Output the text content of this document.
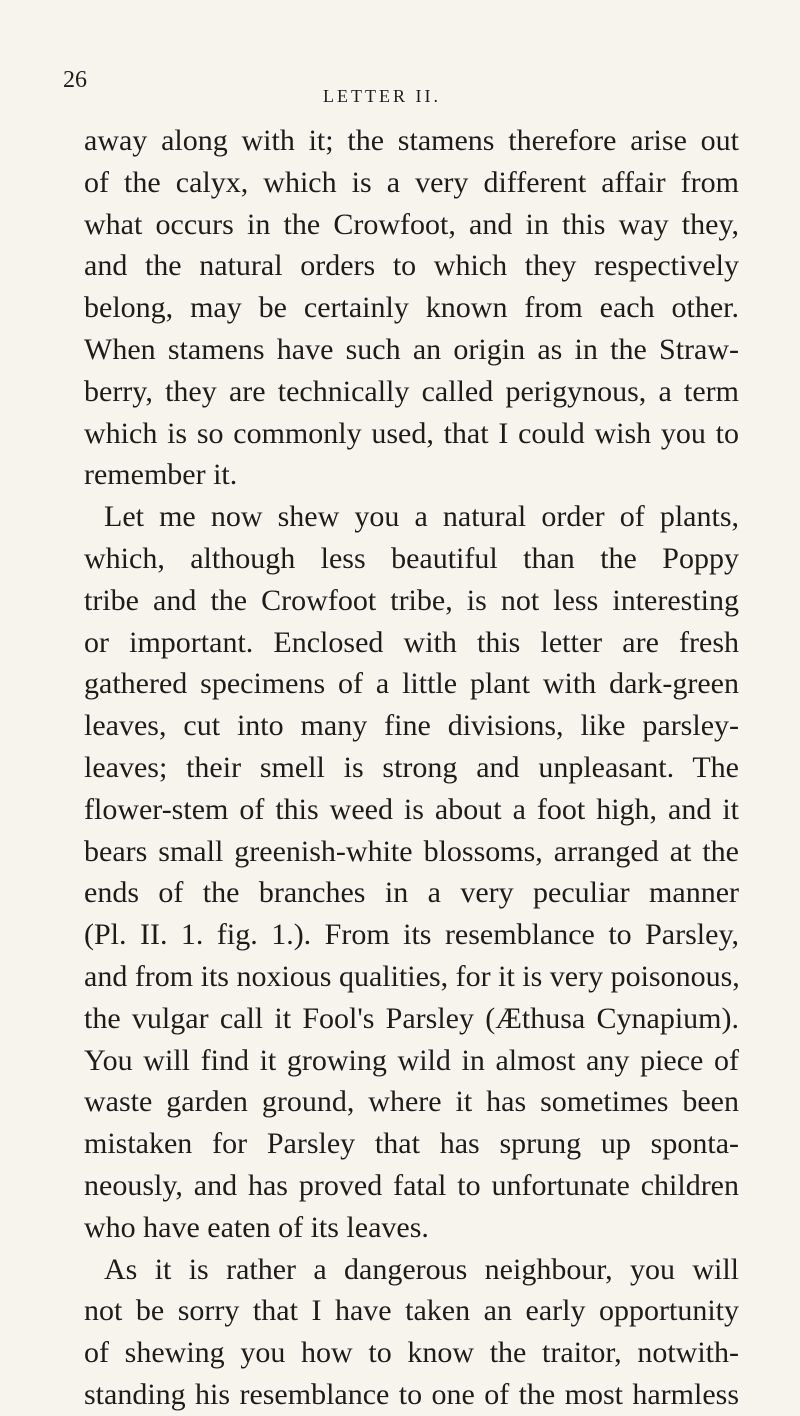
26
LETTER II.
away along with it; the stamens therefore arise out
of the calyx, which is a very different affair from
what occurs in the Crowfoot, and in this way they,
and the natural orders to which they respectively
belong, may be certainly known from each other.
When stamens have such an origin as in the Straw-
berry, they are technically called perigynous, a term
which is so commonly used, that I could wish you to
remember it.
Let me now shew you a natural order of plants,
which, although less beautiful than the Poppy
tribe and the Crowfoot tribe, is not less interesting
or important. Enclosed with this letter are fresh
gathered specimens of a little plant with dark-green
leaves, cut into many fine divisions, like parsley-
leaves; their smell is strong and unpleasant. The
flower-stem of this weed is about a foot high, and it
bears small greenish-white blossoms, arranged at the
ends of the branches in a very peculiar manner
(Pl. II. 1. fig. 1.). From its resemblance to Parsley,
and from its noxious qualities, for it is very poisonous,
the vulgar call it Fool's Parsley (Æthusa Cynapium).
You will find it growing wild in almost any piece of
waste garden ground, where it has sometimes been
mistaken for Parsley that has sprung up sponta-
neously, and has proved fatal to unfortunate children
who have eaten of its leaves.
As it is rather a dangerous neighbour, you will
not be sorry that I have taken an early opportunity
of shewing you how to know the traitor, notwith-
standing his resemblance to one of the most harmless
